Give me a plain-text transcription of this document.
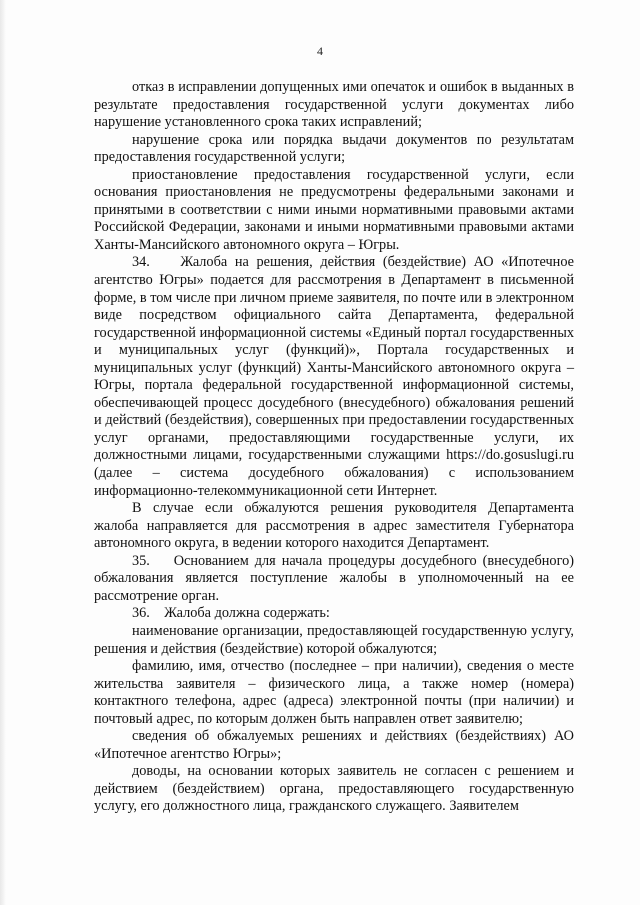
4

отказ в исправлении допущенных ими опечаток и ошибок в выданных в результате предоставления государственной услуги документах либо нарушение установленного срока таких исправлений;

нарушение срока или порядка выдачи документов по результатам предоставления государственной услуги;

приостановление предоставления государственной услуги, если основания приостановления не предусмотрены федеральными законами и принятыми в соответствии с ними иными нормативными правовыми актами Российской Федерации, законами и иными нормативными правовыми актами Ханты-Мансийского автономного округа – Югры.

34.    Жалоба на решения, действия (бездействие) АО «Ипотечное агентство Югры» подается для рассмотрения в Департамент в письменной форме, в том числе при личном приеме заявителя, по почте или в электронном виде посредством официального сайта Департамента, федеральной государственной информационной системы «Единый портал государственных и муниципальных услуг (функций)», Портала государственных и муниципальных услуг (функций) Ханты-Мансийского автономного округа – Югры, портала федеральной государственной информационной системы, обеспечивающей процесс досудебного (внесудебного) обжалования решений и действий (бездействия), совершенных при предоставлении государственных услуг органами, предоставляющими государственные услуги, их должностными лицами, государственными служащими https://do.gosuslugi.ru (далее – система досудебного обжалования) с использованием информационно-телекоммуникационной сети Интернет.

В случае если обжалуются решения руководителя Департамента жалоба направляется для рассмотрения в адрес заместителя Губернатора автономного округа, в ведении которого находится Департамент.

35.    Основанием для начала процедуры досудебного (внесудебного) обжалования является поступление жалобы в уполномоченный на ее рассмотрение орган.

36.    Жалоба должна содержать:

наименование организации, предоставляющей государственную услугу, решения и действия (бездействие) которой обжалуются;

фамилию, имя, отчество (последнее – при наличии), сведения о месте жительства заявителя – физического лица, а также номер (номера) контактного телефона, адрес (адреса) электронной почты (при наличии) и почтовый адрес, по которым должен быть направлен ответ заявителю;

сведения об обжалуемых решениях и действиях (бездействиях) АО «Ипотечное агентство Югры»;

доводы, на основании которых заявитель не согласен с решением и действием (бездействием) органа, предоставляющего государственную услугу, его должностного лица, гражданского служащего. Заявителем
